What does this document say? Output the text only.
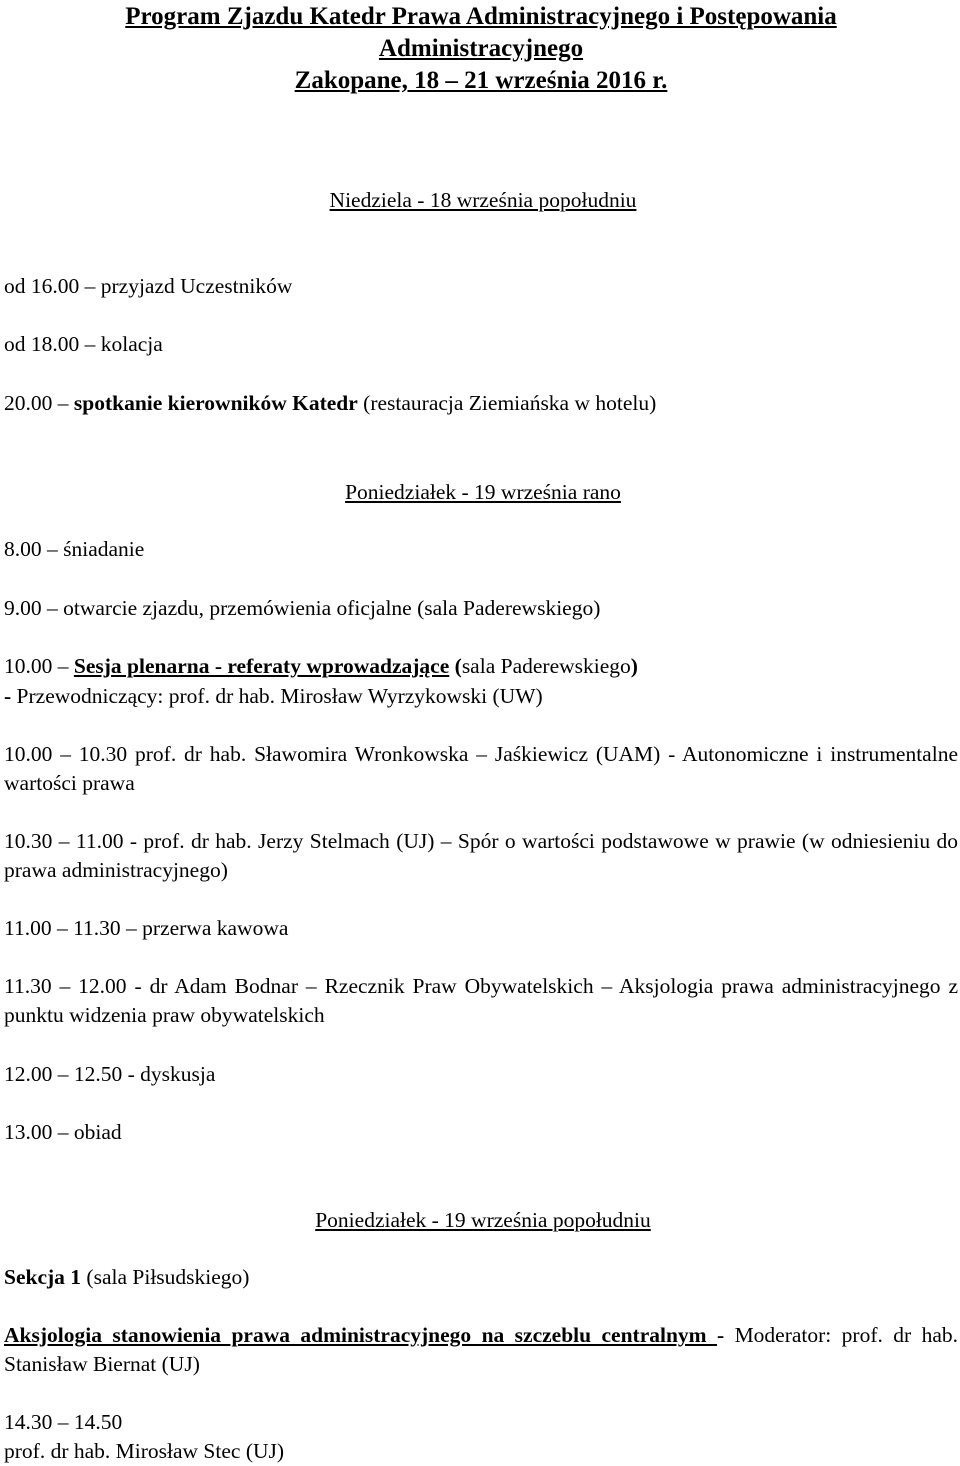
Program Zjazdu Katedr Prawa Administracyjnego i Postępowania
Administracyjnego
Zakopane, 18 – 21 września 2016 r.
Niedziela - 18 września popołudniu
od 16.00 – przyjazd Uczestników
od 18.00 – kolacja
20.00 – spotkanie kierowników Katedr (restauracja Ziemiańska w hotelu)
Poniedziałek - 19 września rano
8.00 – śniadanie
9.00 – otwarcie zjazdu, przemówienia oficjalne (sala Paderewskiego)
10.00 – Sesja plenarna - referaty wprowadzające (sala Paderewskiego)
- Przewodniczący: prof. dr hab. Mirosław Wyrzykowski (UW)
10.00 – 10.30 prof. dr hab. Sławomira Wronkowska – Jaśkiewicz (UAM) - Autonomiczne i instrumentalne wartości prawa
10.30 – 11.00 - prof. dr hab. Jerzy Stelmach (UJ) – Spór o wartości podstawowe w prawie (w odniesieniu do prawa administracyjnego)
11.00 – 11.30 – przerwa kawowa
11.30 – 12.00 - dr Adam Bodnar – Rzecznik Praw Obywatelskich – Aksjologia prawa administracyjnego z punktu widzenia praw obywatelskich
12.00 – 12.50 - dyskusja
13.00 – obiad
Poniedziałek - 19 września popołudniu
Sekcja 1 (sala Piłsudskiego)
Aksjologia stanowienia prawa administracyjnego na szczeblu centralnym - Moderator: prof. dr hab. Stanisław Biernat (UJ)
14.30 – 14.50
prof. dr hab. Mirosław Stec (UJ)
